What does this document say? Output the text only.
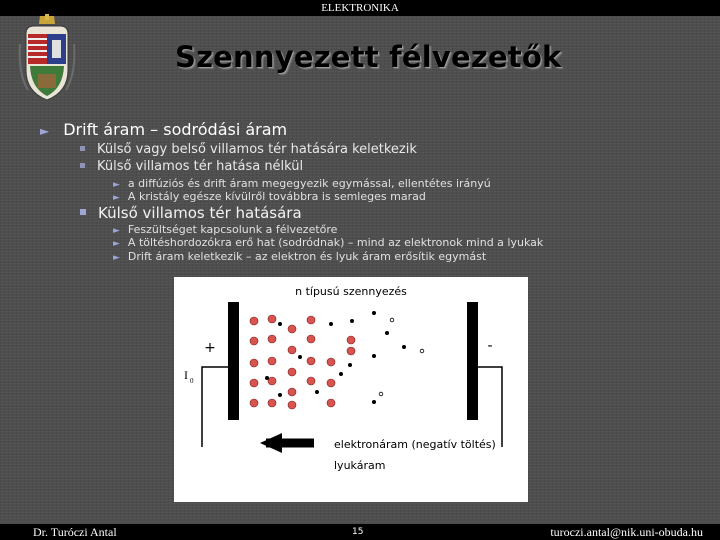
ELEKTRONIKA
Szennyezett félvezetők
► Drift áram – sodródási áram
Külső vagy belső villamos tér hatására keletkezik
Külső villamos tér hatása nélkül
► a diffúziós és drift áram megegyezik egymással, ellentétes irányú
► A kristály egésze kívülről továbbra is semleges marad
Külső villamos tér hatására
► Feszültséget kapcsolunk a félvezetőre
► A töltéshordozókra erő hat (sodródnak) – mind az elektronok mind a lyukak
► Drift áram keletkezik – az elektron és lyuk áram erősítik egymást
n típusú szennyezés
+	-
I 0
elektronáram (negatív töltés)
lyukáram
Dr. Turóczi Antal	15	turoczi.antal@nik.uni-obuda.hu
